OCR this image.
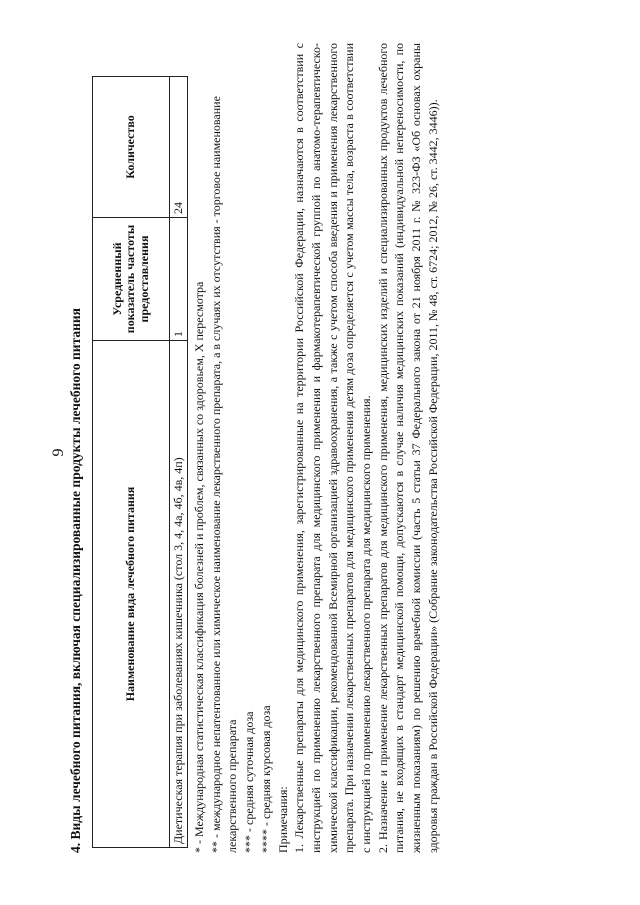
9 4. Виды лечебного питания, включая специализированные продукты лечебного питания	Наименование вида лечебного питания	Усредненный показатель частоты предоставления	Количество
Диетическая терапия при заболеваниях кишечника (стол 3, 4, 4а, 4б, 4в, 4п)	1	24

* - Международная статистическая классификация болезней и проблем, связанных со здоровьем, X пересмотра ** - международное непатентованное или химическое наименование лекарственного препарата, а в случаях их отсутствия - торговое наименование лекарственного препарата *** - средняя суточная доза **** - средняя курсовая доза Примечания: 1. Лекарственные препараты для медицинского применения, зарегистрированные на территории Российской Федерации, назначаются в соответствии с инструкцией по применению лекарственного препарата для медицинского применения и фармакотерапевтической группой по анатомо-терапевтическо-химической классификации, рекомендованной Всемирной организацией здравоохранения, а также с учетом способа введения и применения лекарственного препарата. При назначении лекарственных препаратов для медицинского применения детям доза определяется с учетом массы тела, возраста в соответствии с инструкцией по применению лекарственного препарата для медицинского применения. 2. Назначение и применение лекарственных препаратов для медицинского применения, медицинских изделий и специализированных продуктов лечебного питания, не входящих в стандарт медицинской помощи, допускаются в случае наличия медицинских показаний (индивидуальной непереносимости, по жизненным показаниям) по решению врачебной комиссии (часть 5 статьи 37 Федерального закона от 21 ноября 2011 г. № 323-ФЗ «Об основах охраны здоровья граждан в Российской Федерации» (Собрание законодательства Российской Федерации, 2011, № 48, ст. 6724; 2012, № 26, ст. 3442, 3446)).
